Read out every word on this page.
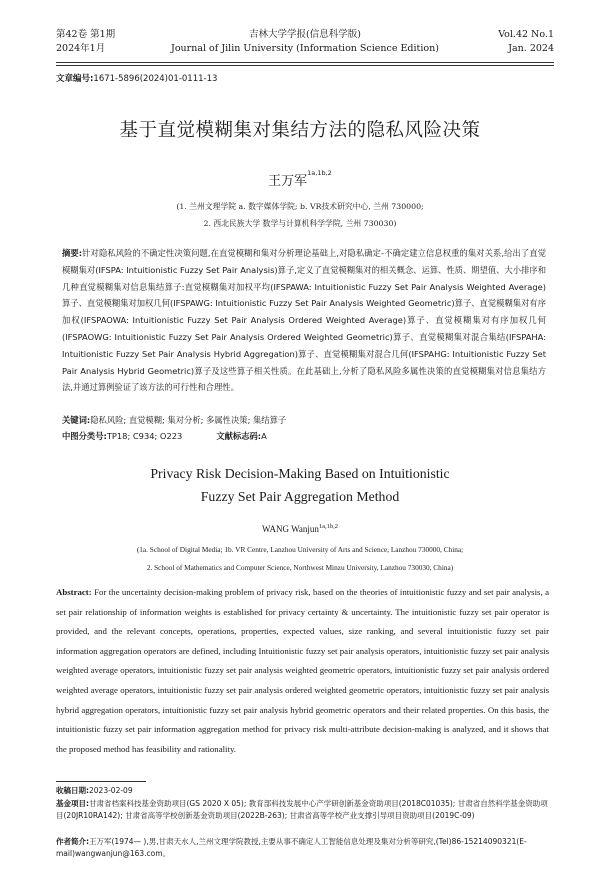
第42卷 第1期
2024年1月
吉林大学学报(信息科学版)
Journal of Jilin University (Information Science Edition)
Vol.42 No.1
Jan. 2024
文章编号:1671-5896(2024)01-0111-13
基于直觉模糊集对集结方法的隐私风险决策
王万军$^{1a,1b,2}$
(1. 兰州文理学院 a. 数字媒体学院; b. VR技术研究中心, 兰州 730000;
2. 西北民族大学 数学与计算机科学学院, 兰州 730030)
摘要:针对隐私风险的不确定性决策问题,在直觉模糊和集对分析理论基础上,对隐私确定-不确定建立信息权重的集对关系,给出了直觉模糊集对(IFSPA: Intuitionistic Fuzzy Set Pair Analysis)算子,定义了直觉模糊集对的相关概念、运算、性质、期望值、大小排序和几种直觉模糊集对信息集结算子:直觉模糊集对加权平均(IFSPAWA: Intuitionistic Fuzzy Set Pair Analysis Weighted Average)算子、直觉模糊集对加权几何(IFSPAWG: Intuitionistic Fuzzy Set Pair Analysis Weighted Geometric)算子、直觉模糊集对有序加权(IFSPAOWA: Intuitionistic Fuzzy Set Pair Analysis Ordered Weighted Average)算子、直觉模糊集对有序加权几何(IFSPAOWG: Intuitionistic Fuzzy Set Pair Analysis Ordered Weighted Geometric)算子、直觉模糊集对混合集结(IFSPAHA: Intuitionistic Fuzzy Set Pair Analysis Hybrid Aggregation)算子、直觉模糊集对混合几何(IFSPAHG: Intuitionistic Fuzzy Set Pair Analysis Hybrid Geometric)算子及这些算子相关性质。在此基础上,分析了隐私风险多属性决策的直觉模糊集对信息集结方法,并通过算例验证了该方法的可行性和合理性。
关键词:隐私风险; 直觉模糊; 集对分析; 多属性决策; 集结算子
中图分类号:TP18; C934; O223	文献标志码:A
Privacy Risk Decision-Making Based on Intuitionistic
Fuzzy Set Pair Aggregation Method
WANG Wanjun$^{1a,1b,2}$
(1a. School of Digital Media; 1b. VR Centre, Lanzhou University of Arts and Science, Lanzhou 730000, China;
2. School of Mathematics and Computer Science, Northwest Minzu University, Lanzhou 730030, China)
Abstract: For the uncertainty decision-making problem of privacy risk, based on the theories of intuitionistic fuzzy and set pair analysis, a set pair relationship of information weights is established for privacy certainty & uncertainty. The intuitionistic fuzzy set pair operator is provided, and the relevant concepts, operations, properties, expected values, size ranking, and several intuitionistic fuzzy set pair information aggregation operators are defined, including Intuitionistic fuzzy set pair analysis operators, intuitionistic fuzzy set pair analysis weighted average operators, intuitionistic fuzzy set pair analysis weighted geometric operators, intuitionistic fuzzy set pair analysis ordered weighted average operators, intuitionistic fuzzy set pair analysis ordered weighted geometric operators, intuitionistic fuzzy set pair analysis hybrid aggregation operators, intuitionistic fuzzy set pair analysis hybrid geometric operators and their related properties. On this basis, the intuitionistic fuzzy set pair information aggregation method for privacy risk multi-attribute decision-making is analyzed, and it shows that the proposed method has feasibility and rationality.
收稿日期:2023-02-09
基金项目:甘肃省档案科技基金资助项目(GS 2020 X 05); 教育部科技发展中心产学研创新基金资助项目(2018C01035); 甘肃省自然科学基金资助项目(20JR10RA142); 甘肃省高等学校创新基金资助项目(2022B-263); 甘肃省高等学校产业支撑引导项目资助项目(2019C-09)
作者简介:王万军(1974— ),男,甘肃天水人,兰州文理学院教授,主要从事不确定人工智能信息处理及集对分析等研究,(Tel)86-15214090321(E-mail)wangwanjun@163.com。
